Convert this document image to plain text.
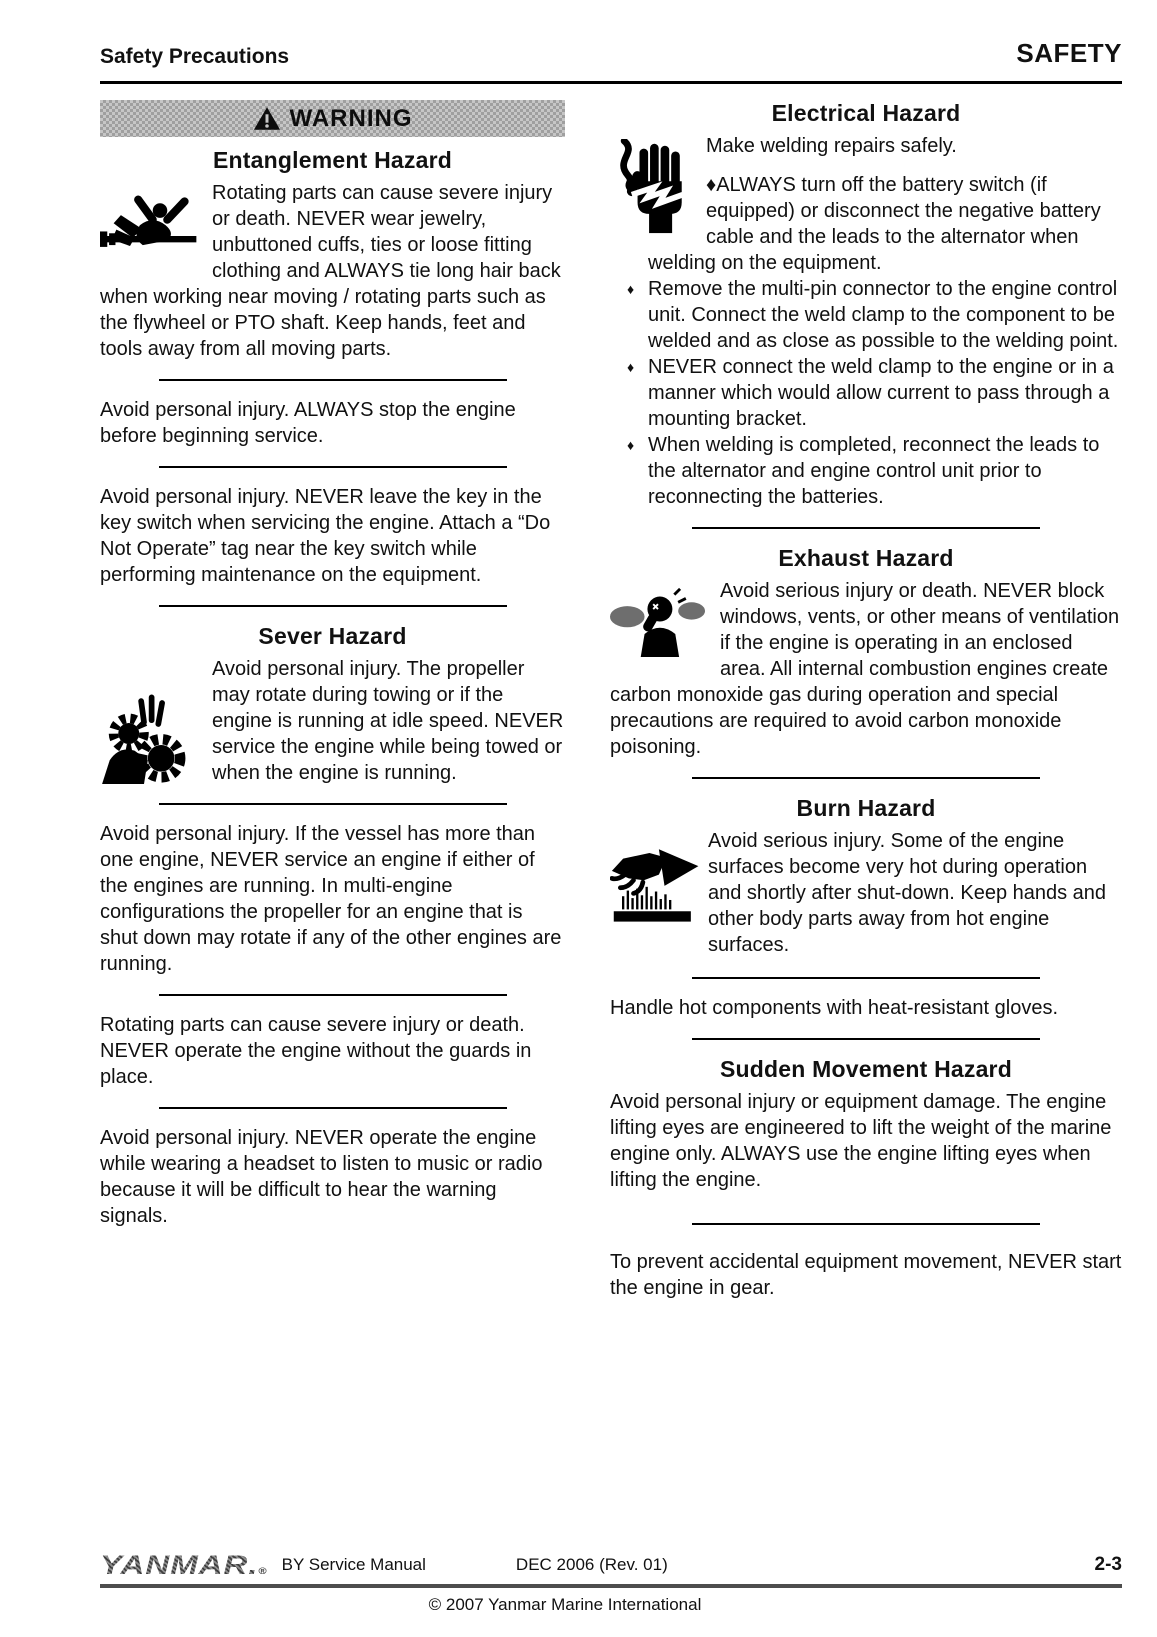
Safety Precautions	SAFETY
WARNING
Entanglement Hazard

Rotating parts can cause severe injury or death. NEVER wear jewelry, unbuttoned cuffs, ties or loose fitting clothing and ALWAYS tie long hair back when working near moving / rotating parts such as the flywheel or PTO shaft. Keep hands, feet and tools away from all moving parts.

Avoid personal injury. ALWAYS stop the engine before beginning service.

Avoid personal injury. NEVER leave the key in the key switch when servicing the engine. Attach a “Do Not Operate” tag near the key switch while performing maintenance on the equipment.

Sever Hazard

Avoid personal injury. The propeller may rotate during towing or if the engine is running at idle speed. NEVER service the engine while being towed or when the engine is running.

Avoid personal injury. If the vessel has more than one engine, NEVER service an engine if either of the engines are running. In multi-engine configurations the propeller for an engine that is shut down may rotate if any of the other engines are running.

Rotating parts can cause severe injury or death. NEVER operate the engine without the guards in place.

Avoid personal injury. NEVER operate the engine while wearing a headset to listen to music or radio because it will be difficult to hear the warning signals.

Electrical Hazard

Make welding repairs safely.

♦ALWAYS turn off the battery switch (if equipped) or disconnect the negative battery cable and the leads to the alternator when welding on the equipment.

♦ Remove the multi-pin connector to the engine control unit. Connect the weld clamp to the component to be welded and as close as possible to the welding point.
♦ NEVER connect the weld clamp to the engine or in a manner which would allow current to pass through a mounting bracket.
♦ When welding is completed, reconnect the leads to the alternator and engine control unit prior to reconnecting the batteries.
Exhaust Hazard

Avoid serious injury or death. NEVER block windows, vents, or other means of ventilation if the engine is operating in an enclosed area. All internal combustion engines create carbon monoxide gas during operation and special precautions are required to avoid carbon monoxide poisoning.

Burn Hazard

Avoid serious injury. Some of the engine surfaces become very hot during operation and shortly after shut-down. Keep hands and other body parts away from hot engine surfaces.

Handle hot components with heat-resistant gloves.

Sudden Movement Hazard

Avoid personal injury or equipment damage. The engine lifting eyes are engineered to lift the weight of the marine engine only. ALWAYS use the engine lifting eyes when lifting the engine.

To prevent accidental equipment movement, NEVER start the engine in gear.

YANMAR.® BY Service Manual	DEC 2006 (Rev. 01)	2-3
© 2007 Yanmar Marine International
